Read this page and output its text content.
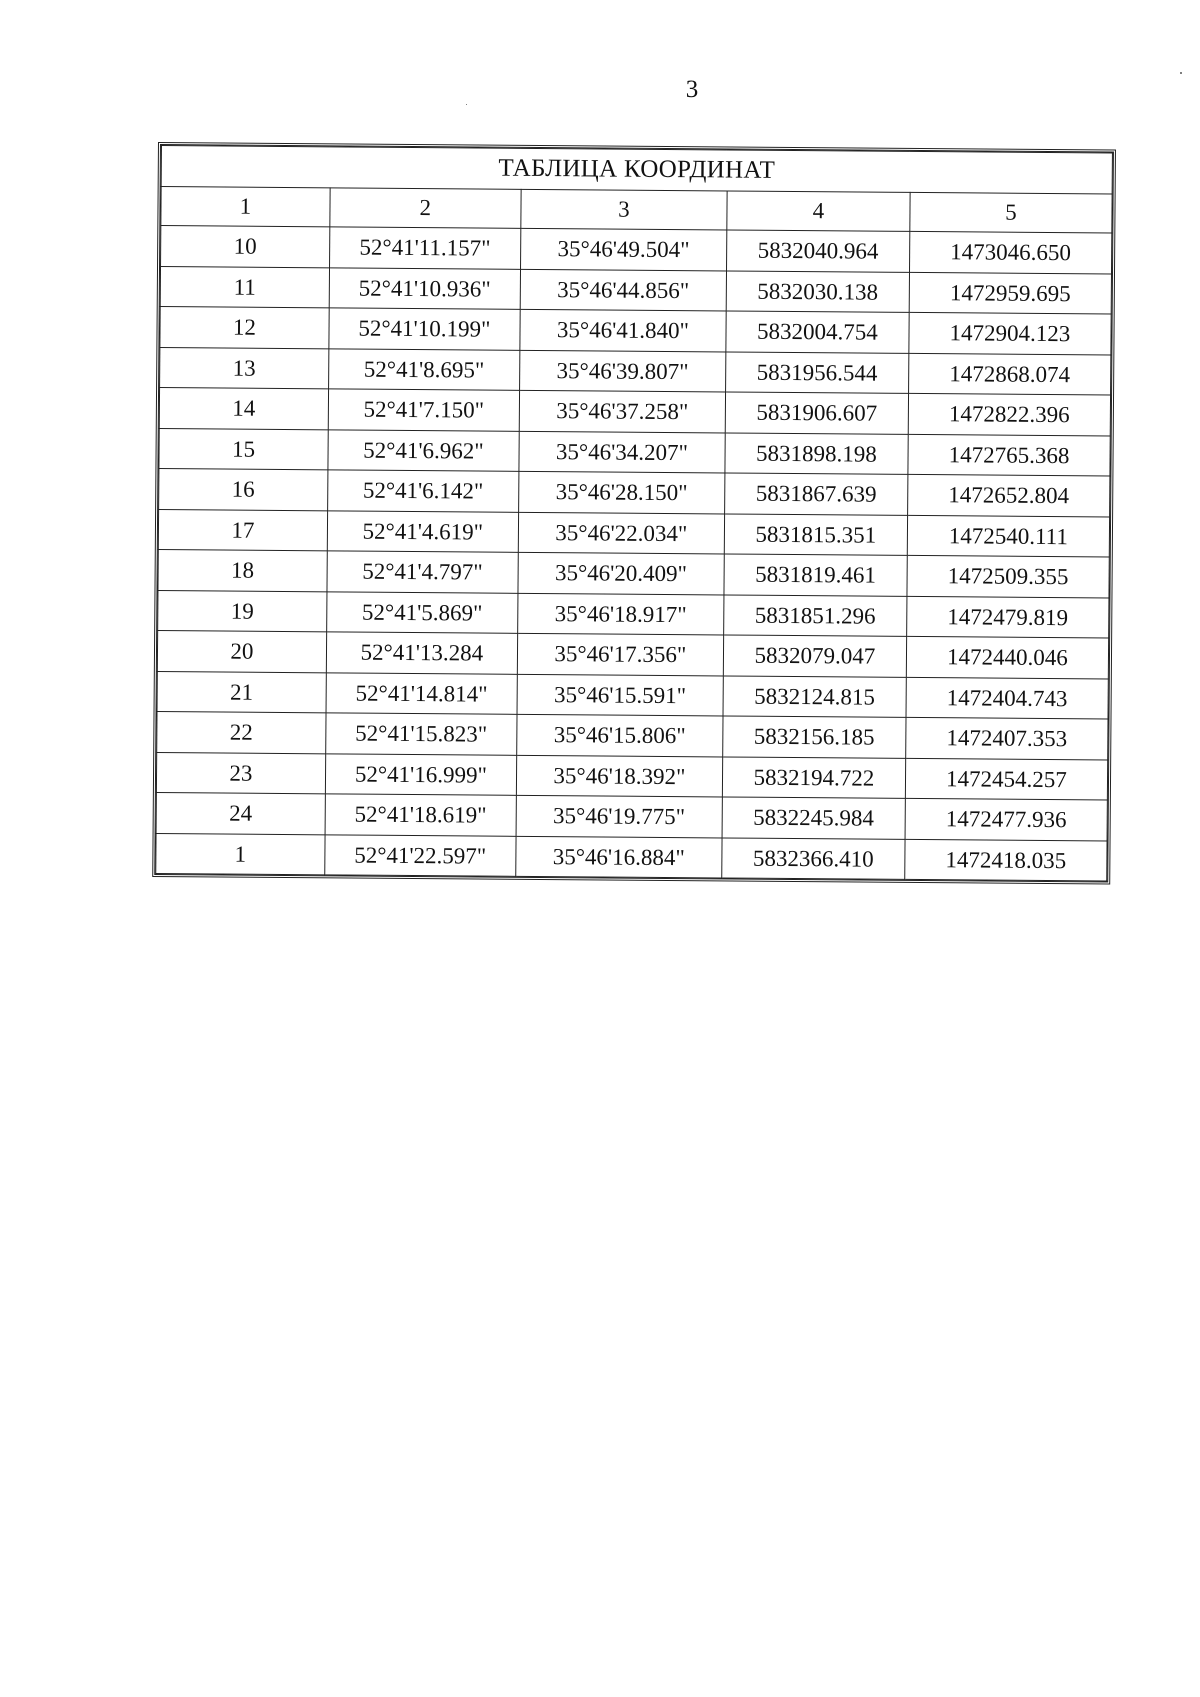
3
ТАБЛИЦА КООРДИНАТ				
1	2	3	4	5
10	52°41'11.157"	35°46'49.504"	5832040.964	1473046.650
11	52°41'10.936"	35°46'44.856"	5832030.138	1472959.695
12	52°41'10.199"	35°46'41.840"	5832004.754	1472904.123
13	52°41'8.695"	35°46'39.807"	5831956.544	1472868.074
14	52°41'7.150"	35°46'37.258"	5831906.607	1472822.396
15	52°41'6.962"	35°46'34.207"	5831898.198	1472765.368
16	52°41'6.142"	35°46'28.150"	5831867.639	1472652.804
17	52°41'4.619"	35°46'22.034"	5831815.351	1472540.111
18	52°41'4.797"	35°46'20.409"	5831819.461	1472509.355
19	52°41'5.869"	35°46'18.917"	5831851.296	1472479.819
20	52°41'13.284	35°46'17.356"	5832079.047	1472440.046
21	52°41'14.814"	35°46'15.591"	5832124.815	1472404.743
22	52°41'15.823"	35°46'15.806"	5832156.185	1472407.353
23	52°41'16.999"	35°46'18.392"	5832194.722	1472454.257
24	52°41'18.619"	35°46'19.775"	5832245.984	1472477.936
1	52°41'22.597"	35°46'16.884"	5832366.410	1472418.035
